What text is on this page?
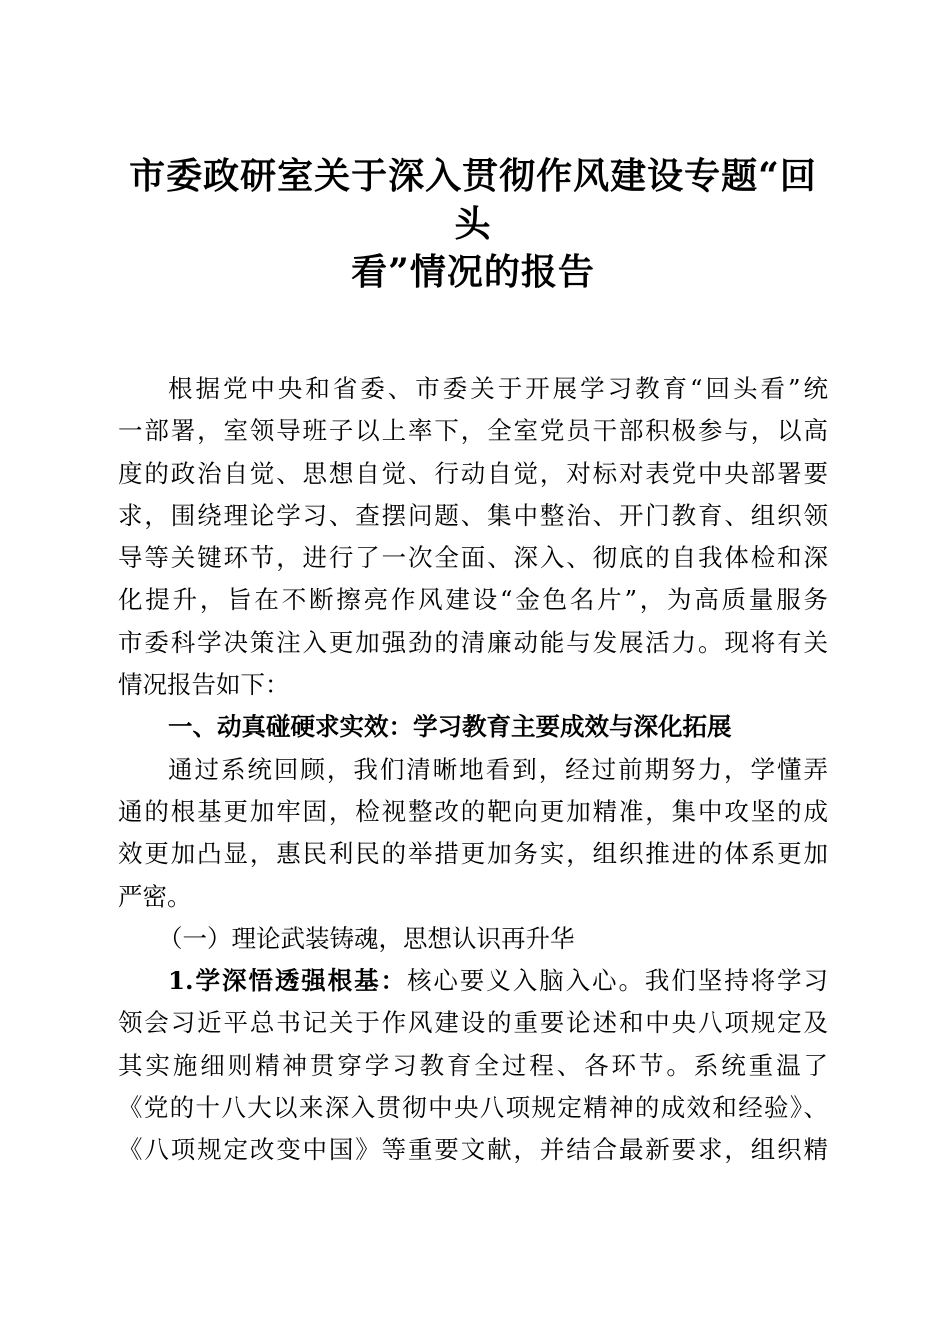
市委政研室关于深入贯彻作风建设专题“回头
看”情况的报告
根据党中央和省委、市委关于开展学习教育“回头看”统
一部署，室领导班子以上率下，全室党员干部积极参与，以高
度的政治自觉、思想自觉、行动自觉，对标对表党中央部署要
求，围绕理论学习、查摆问题、集中整治、开门教育、组织领
导等关键环节，进行了一次全面、深入、彻底的自我体检和深
化提升，旨在不断擦亮作风建设“金色名片”，为高质量服务
市委科学决策注入更加强劲的清廉动能与发展活力。现将有关
情况报告如下：
一、动真碰硬求实效：学习教育主要成效与深化拓展
通过系统回顾，我们清晰地看到，经过前期努力，学懂弄
通的根基更加牢固，检视整改的靶向更加精准，集中攻坚的成
效更加凸显，惠民利民的举措更加务实，组织推进的体系更加
严密。
（一）理论武装铸魂，思想认识再升华
1.学深悟透强根基：核心要义入脑入心。我们坚持将学习
领会习近平总书记关于作风建设的重要论述和中央八项规定及
其实施细则精神贯穿学习教育全过程、各环节。系统重温了
《党的十八大以来深入贯彻中央八项规定精神的成效和经验》、
《八项规定改变中国》等重要文献，并结合最新要求，组织精
